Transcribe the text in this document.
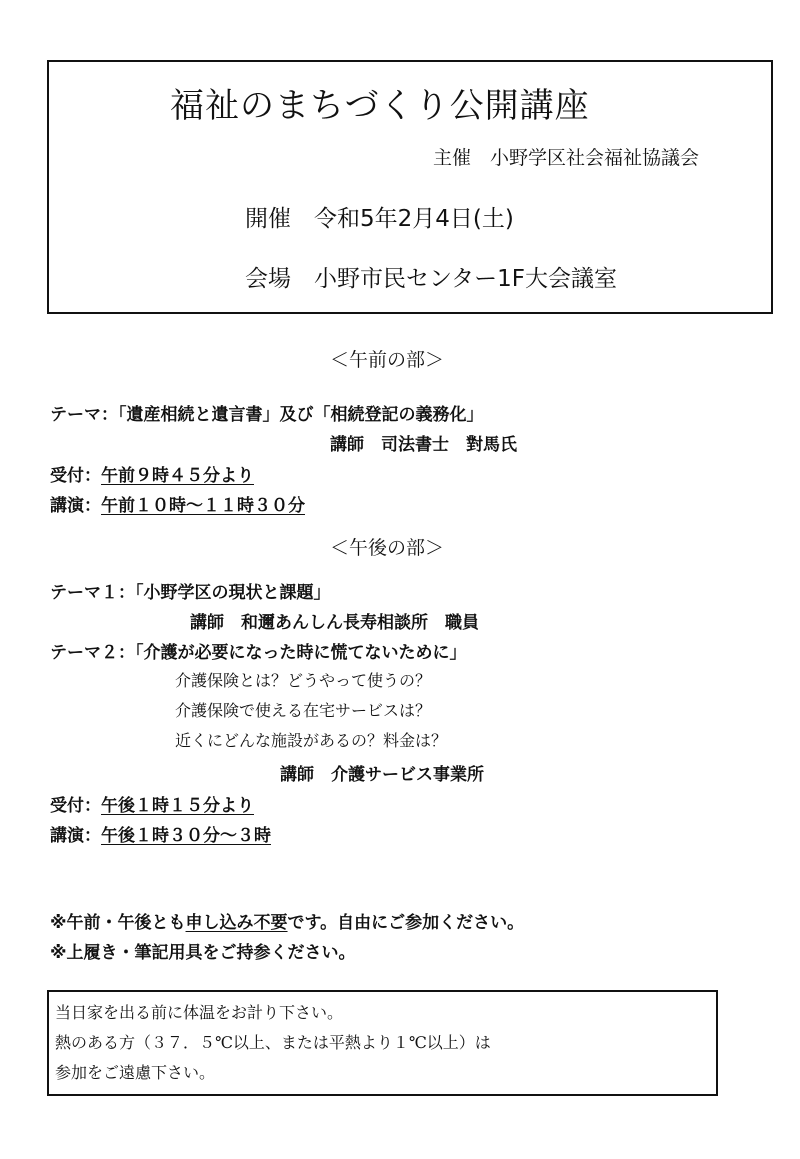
福祉のまちづくり公開講座
主催　小野学区社会福祉協議会
開催　令和5年2月4日(土)
会場　小野市民センター1F大会議室
＜午前の部＞
テーマ：「遺産相続と遺言書」及び「相続登記の義務化」
講師　司法書士　對馬氏
受付：午前９時４５分より
講演：午前１０時～１１時３０分
＜午後の部＞
テーマ１：「小野学区の現状と課題」
講師　和邇あんしん長寿相談所　職員
テーマ２：「介護が必要になった時に慌てないために」
介護保険とは？どうやって使うの？
介護保険で使える在宅サービスは？
近くにどんな施設があるの？料金は？
講師　介護サービス事業所
受付：午後１時１５分より
講演：午後１時３０分～３時
※午前・午後とも申し込み不要です。自由にご参加ください。
※上履き・筆記用具をご持参ください。
当日家を出る前に体温をお計り下さい。
熱のある方（３７．５℃以上、または平熱より１℃以上）は
参加をご遠慮下さい。
